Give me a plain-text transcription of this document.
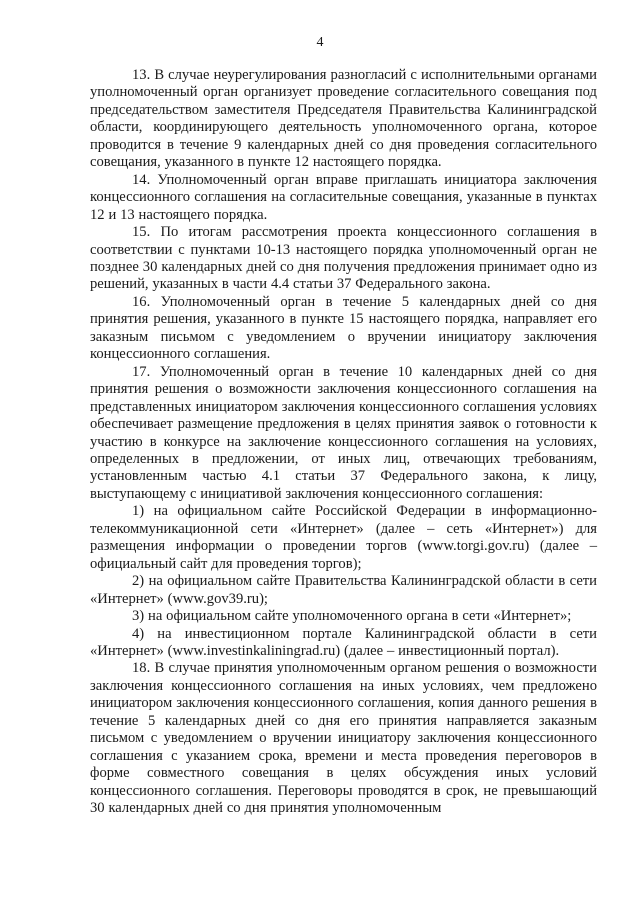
4

13. В случае неурегулирования разногласий с исполнительными органами уполномоченный орган организует проведение согласительного совещания под председательством заместителя Председателя Правительства Калининградской области, координирующего деятельность уполномоченного органа, которое проводится в течение 9 календарных дней со дня проведения согласительного совещания, указанного в пункте 12 настоящего порядка.

14. Уполномоченный орган вправе приглашать инициатора заключения концессионного соглашения на согласительные совещания, указанные в пунктах 12 и 13 настоящего порядка.

15. По итогам рассмотрения проекта концессионного соглашения в соответствии с пунктами 10-13 настоящего порядка уполномоченный орган не позднее 30 календарных дней со дня получения предложения принимает одно из решений, указанных в части 4.4 статьи 37 Федерального закона.

16. Уполномоченный орган в течение 5 календарных дней со дня принятия решения, указанного в пункте 15 настоящего порядка, направляет его заказным письмом с уведомлением о вручении инициатору заключения концессионного соглашения.

17. Уполномоченный орган в течение 10 календарных дней со дня принятия решения о возможности заключения концессионного соглашения на представленных инициатором заключения концессионного соглашения условиях обеспечивает размещение предложения в целях принятия заявок о готовности к участию в конкурсе на заключение концессионного соглашения на условиях, определенных в предложении, от иных лиц, отвечающих требованиям, установленным частью 4.1 статьи 37 Федерального закона, к лицу, выступающему с инициативой заключения концессионного соглашения:

1) на официальном сайте Российской Федерации в информационно-телекоммуникационной сети «Интернет» (далее – сеть «Интернет») для размещения информации о проведении торгов (www.torgi.gov.ru) (далее – официальный сайт для проведения торгов);

2) на официальном сайте Правительства Калининградской области в сети «Интернет» (www.gov39.ru);

3) на официальном сайте уполномоченного органа в сети «Интернет»;

4) на инвестиционном портале Калининградской области в сети «Интернет» (www.investinkaliningrad.ru) (далее – инвестиционный портал).

18. В случае принятия уполномоченным органом решения о возможности заключения концессионного соглашения на иных условиях, чем предложено инициатором заключения концессионного соглашения, копия данного решения в течение 5 календарных дней со дня его принятия направляется заказным письмом с уведомлением о вручении инициатору заключения концессионного соглашения с указанием срока, времени и места проведения переговоров в форме совместного совещания в целях обсуждения иных условий концессионного соглашения. Переговоры проводятся в срок, не превышающий 30 календарных дней со дня принятия уполномоченным
